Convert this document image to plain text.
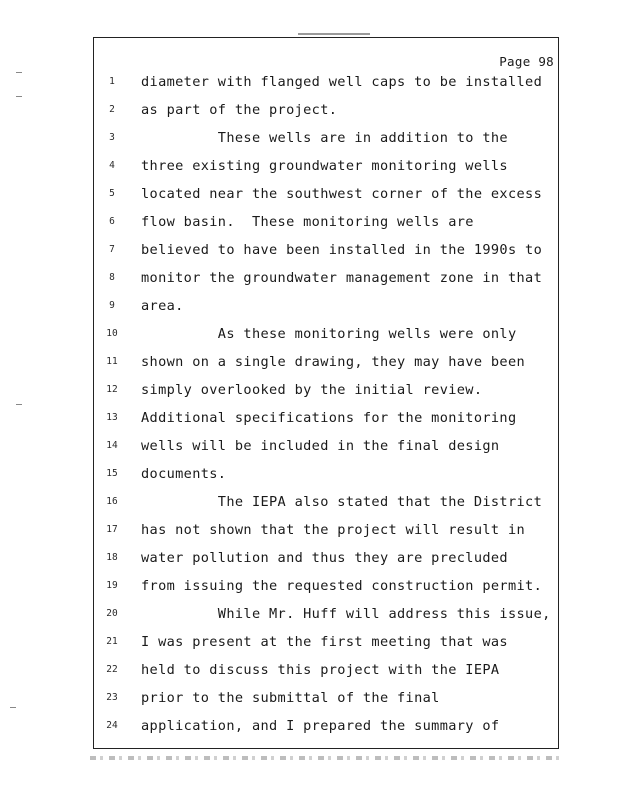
Page 98
1	diameter with flanged well caps to be installed
2	as part of the project.
3	These wells are in addition to the
4	three existing groundwater monitoring wells
5	located near the southwest corner of the excess
6	flow basin.  These monitoring wells are
7	believed to have been installed in the 1990s to
8	monitor the groundwater management zone in that
9	area.
10	As these monitoring wells were only
11	shown on a single drawing, they may have been
12	simply overlooked by the initial review.
13	Additional specifications for the monitoring
14	wells will be included in the final design
15	documents.
16	The IEPA also stated that the District
17	has not shown that the project will result in
18	water pollution and thus they are precluded
19	from issuing the requested construction permit.
20	While Mr. Huff will address this issue,
21	I was present at the first meeting that was
22	held to discuss this project with the IEPA
23	prior to the submittal of the final
24	application, and I prepared the summary of
